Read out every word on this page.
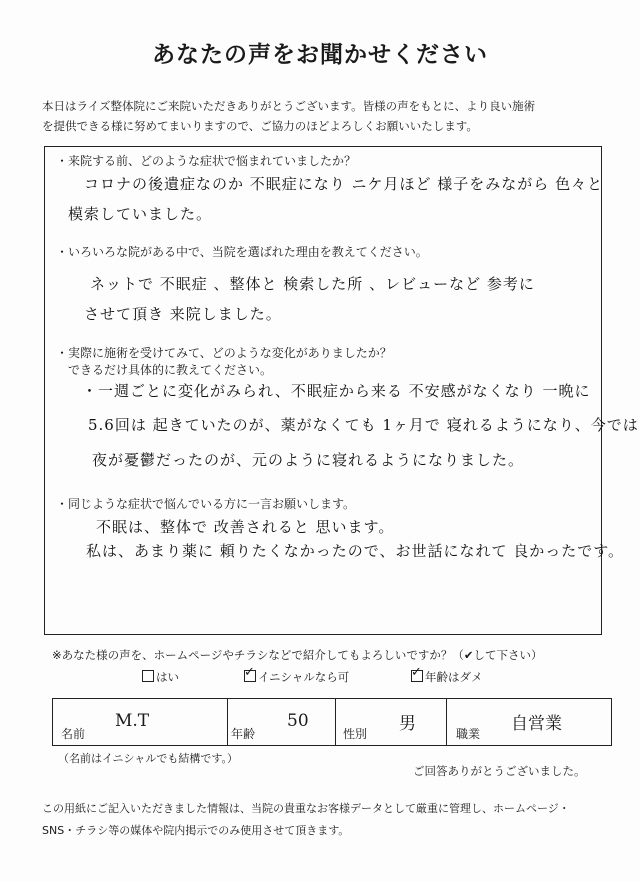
あなたの声をお聞かせください
本日はライズ整体院にご来院いただきありがとうございます。皆様の声をもとに、より良い施術
を提供できる様に努めてまいりますので、ご協力のほどよろしくお願いいたします。
・来院する前、どのような症状で悩まれていましたか？
コロナの後遺症なのか 不眠症になり ニケ月ほど 様子をみながら 色々と
模索していました。
・いろいろな院がある中で、当院を選ばれた理由を教えてください。
ネットで 不眠症 、整体と 検索した所 、レビューなど 参考に
させて頂き 来院しました。
・実際に施術を受けてみて、どのような変化がありましたか？
できるだけ具体的に教えてください。
・一週ごとに変化がみられ、不眠症から来る 不安感がなくなり 一晩に
5.6回は 起きていたのが、薬がなくても 1ヶ月で 寝れるようになり、今では
夜が憂鬱だったのが、元のように寝れるようになりました。
・同じような症状で悩んでいる方に一言お願いします。
不眠は、整体で 改善されると 思います。
私は、あまり薬に 頼りたくなかったので、お世話になれて 良かったです。
※あなた様の声を、ホームページやチラシなどで紹介してもよろしいですか？（✔して下さい）
はい	✓ イニシャルなら可	✓ 年齢はダメ
名前
M.T
年齢
50
性別 男	職業 自営業
（名前はイニシャルでも結構です。）
ご回答ありがとうございました。
この用紙にご記入いただきました情報は、当院の貴重なお客様データとして厳重に管理し、ホームページ・
SNS・チラシ等の媒体や院内掲示でのみ使用させて頂きます。
